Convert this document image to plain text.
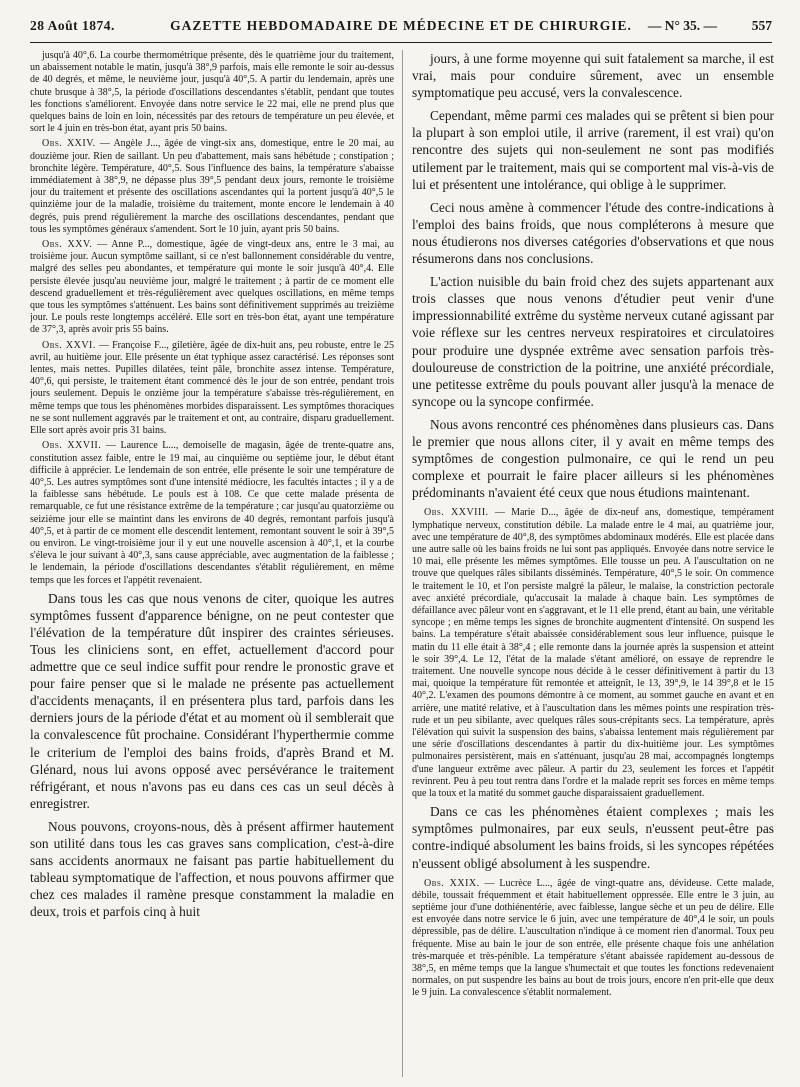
28 Août 1874.	GAZETTE HEBDOMADAIRE DE MÉDECINE ET DE CHIRURGIE.	— N° 35. —	557

jusqu'à 40°,6. La courbe thermométrique présente, dès le quatrième jour du traitement, un abaissement notable le matin, jusqu'à 38°,9 parfois, mais elle remonte le soir au-dessus de 40 degrés, et même, le neuvième jour, jusqu'à 40°,5. A partir du lendemain, après une chute brusque à 38°,5, la période d'oscillations descendantes s'établit, pendant que toutes les fonctions s'améliorent. Envoyée dans notre service le 22 mai, elle ne prend plus que quelques bains de loin en loin, nécessités par des retours de température un peu élevée, et sort le 4 juin en très-bon état, ayant pris 50 bains.

Obs. XXIV. — Angèle J..., âgée de vingt-six ans, domestique, entre le 20 mai, au douzième jour. Rien de saillant. Un peu d'abattement, mais sans hébétude ; constipation ; bronchite légère. Température, 40°,5. Sous l'influence des bains, la température s'abaisse immédiatement à 38°,9, ne dépasse plus 39°,5 pendant deux jours, remonte le troisième jour du traitement et présente des oscillations ascendantes qui la portent jusqu'à 40°,5 le quinzième jour de la maladie, troisième du traitement, monte encore le lendemain à 40 degrés, puis prend régulièrement la marche des oscillations descendantes, pendant que tous les symptômes généraux s'amendent. Sort le 10 juin, ayant pris 50 bains.

Obs. XXV. — Anne P..., domestique, âgée de vingt-deux ans, entre le 3 mai, au troisième jour. Aucun symptôme saillant, si ce n'est ballonnement considérable du ventre, malgré des selles peu abondantes, et température qui monte le soir jusqu'à 40°,4. Elle persiste élevée jusqu'au neuvième jour, malgré le traitement ; à partir de ce moment elle descend graduellement et très-régulièrement avec quelques oscillations, en même temps que tous les symptômes s'atténuent. Les bains sont définitivement supprimés au treizième jour. Le pouls reste longtemps accéléré. Elle sort en très-bon état, ayant une température de 37°,3, après avoir pris 55 bains.

Obs. XXVI. — Françoise F..., giletière, âgée de dix-huit ans, peu robuste, entre le 25 avril, au huitième jour. Elle présente un état typhique assez caractérisé. Les réponses sont lentes, mais nettes. Pupilles dilatées, teint pâle, bronchite assez intense. Température, 40°,6, qui persiste, le traitement étant commencé dès le jour de son entrée, pendant trois jours seulement. Depuis le onzième jour la température s'abaisse très-régulièrement, en même temps que tous les phénomènes morbides disparaissent. Les symptômes thoraciques ne se sont nullement aggravés par le traitement et ont, au contraire, disparu graduellement. Elle sort après avoir pris 31 bains.

Obs. XXVII. — Laurence L..., demoiselle de magasin, âgée de trente-quatre ans, constitution assez faible, entre le 19 mai, au cinquième ou septième jour, le début étant difficile à apprécier. Le lendemain de son entrée, elle présente le soir une température de 40°,5. Les autres symptômes sont d'une intensité médiocre, les facultés intactes ; il y a de la faiblesse sans hébétude. Le pouls est à 108. Ce que cette malade présenta de remarquable, ce fut une résistance extrême de la température ; car jusqu'au quatorzième ou seizième jour elle se maintint dans les environs de 40 degrés, remontant parfois jusqu'à 40°,5, et à partir de ce moment elle descendit lentement, remontant souvent le soir à 39°,5 ou environ. Le vingt-troisième jour il y eut une nouvelle ascension à 40°,1, et la courbe s'éleva le jour suivant à 40°,3, sans cause appréciable, avec augmentation de la faiblesse ; le lendemain, la période d'oscillations descendantes s'établit régulièrement, en même temps que les forces et l'appétit revenaient.

Dans tous les cas que nous venons de citer, quoique les autres symptômes fussent d'apparence bénigne, on ne peut contester que l'élévation de la température dût inspirer des craintes sérieuses. Tous les cliniciens sont, en effet, actuellement d'accord pour admettre que ce seul indice suffit pour rendre le pronostic grave et pour faire penser que si le malade ne présente pas actuellement d'accidents menaçants, il en présentera plus tard, parfois dans les derniers jours de la période d'état et au moment où il semblerait que la convalescence fût prochaine. Considérant l'hyperthermie comme le criterium de l'emploi des bains froids, d'après Brand et M. Glénard, nous lui avons opposé avec persévérance le traitement réfrigérant, et nous n'avons pas eu dans ces cas un seul décès à enregistrer.

Nous pouvons, croyons-nous, dès à présent affirmer hautement son utilité dans tous les cas graves sans complication, c'est-à-dire sans accidents anormaux ne faisant pas partie habituellement du tableau symptomatique de l'affection, et nous pouvons affirmer que chez ces malades il ramène presque constamment la maladie en deux, trois et parfois cinq à huit

jours, à une forme moyenne qui suit fatalement sa marche, il est vrai, mais pour conduire sûrement, avec un ensemble symptomatique peu accusé, vers la convalescence.

Cependant, même parmi ces malades qui se prêtent si bien pour la plupart à son emploi utile, il arrive (rarement, il est vrai) qu'on rencontre des sujets qui non-seulement ne sont pas modifiés utilement par le traitement, mais qui se comportent mal vis-à-vis de lui et présentent une intolérance, qui oblige à le supprimer.

Ceci nous amène à commencer l'étude des contre-indications à l'emploi des bains froids, que nous compléterons à mesure que nous étudierons nos diverses catégories d'observations et que nous résumerons dans nos conclusions.

L'action nuisible du bain froid chez des sujets appartenant aux trois classes que nous venons d'étudier peut venir d'une impressionnabilité extrême du système nerveux cutané agissant par voie réflexe sur les centres nerveux respiratoires et circulatoires pour produire une dyspnée extrême avec sensation parfois très-douloureuse de constriction de la poitrine, une anxiété précordiale, une petitesse extrême du pouls pouvant aller jusqu'à la menace de syncope ou la syncope confirmée.

Nous avons rencontré ces phénomènes dans plusieurs cas. Dans le premier que nous allons citer, il y avait en même temps des symptômes de congestion pulmonaire, ce qui le rend un peu complexe et pourrait le faire placer ailleurs si les phénomènes prédominants n'avaient été ceux que nous étudions maintenant.

Obs. XXVIII. — Marie D..., âgée de dix-neuf ans, domestique, tempérament lymphatique nerveux, constitution débile. La malade entre le 4 mai, au quatrième jour, avec une température de 40°,8, des symptômes abdominaux modérés. Elle est placée dans une autre salle où les bains froids ne lui sont pas appliqués. Envoyée dans notre service le 10 mai, elle présente les mêmes symptômes. Elle tousse un peu. A l'auscultation on ne trouve que quelques râles sibilants disséminés. Température, 40°,5 le soir. On commence le traitement le 10, et l'on persiste malgré la pâleur, le malaise, la constriction pectorale avec anxiété précordiale, qu'accusait la malade à chaque bain. Les symptômes de défaillance avec pâleur vont en s'aggravant, et le 11 elle prend, étant au bain, une véritable syncope ; en même temps les signes de bronchite augmentent d'intensité. On suspend les bains. La température s'était abaissée considérablement sous leur influence, puisque le matin du 11 elle était à 38°,4 ; elle remonte dans la journée après la suspension et atteint le soir 39°,4. Le 12, l'état de la malade s'étant amélioré, on essaye de reprendre le traitement. Une nouvelle syncope nous décide à le cesser définitivement à partir du 13 mai, quoique la température fût remontée et atteignît, le 13, 39°,9, le 14 39°,8 et le 15 40°,2. L'examen des poumons démontre à ce moment, au sommet gauche en avant et en arrière, une matité relative, et à l'auscultation dans les mêmes points une respiration très-rude et un peu sibilante, avec quelques râles sous-crépitants secs. La température, après l'élévation qui suivit la suspension des bains, s'abaissa lentement mais régulièrement par une série d'oscillations descendantes à partir du dix-huitième jour. Les symptômes pulmonaires persistèrent, mais en s'atténuant, jusqu'au 28 mai, accompagnés longtemps d'une langueur extrême avec pâleur. A partir du 23, seulement les forces et l'appétit revinrent. Peu à peu tout rentra dans l'ordre et la malade reprit ses forces en même temps que la toux et la matité du sommet gauche disparaissaient graduellement.

Dans ce cas les phénomènes étaient complexes ; mais les symptômes pulmonaires, par eux seuls, n'eussent peut-être pas contre-indiqué absolument les bains froids, si les syncopes répétées n'eussent obligé absolument à les suspendre.

Obs. XXIX. — Lucrèce L..., âgée de vingt-quatre ans, dévideuse. Cette malade, débile, toussait fréquemment et était habituellement oppressée. Elle entre le 3 juin, au septième jour d'une dothiénentérie, avec faiblesse, langue sèche et un peu de délire. Elle est envoyée dans notre service le 6 juin, avec une température de 40°,4 le soir, un pouls dépressible, pas de délire. L'auscultation n'indique à ce moment rien d'anormal. Toux peu fréquente. Mise au bain le jour de son entrée, elle présente chaque fois une anhélation très-marquée et très-pénible. La température s'étant abaissée rapidement au-dessous de 38°,5, en même temps que la langue s'humectait et que toutes les fonctions redevenaient normales, on put suspendre les bains au bout de trois jours, encore n'en prit-elle que deux le 9 juin. La convalescence s'établit normalement.
